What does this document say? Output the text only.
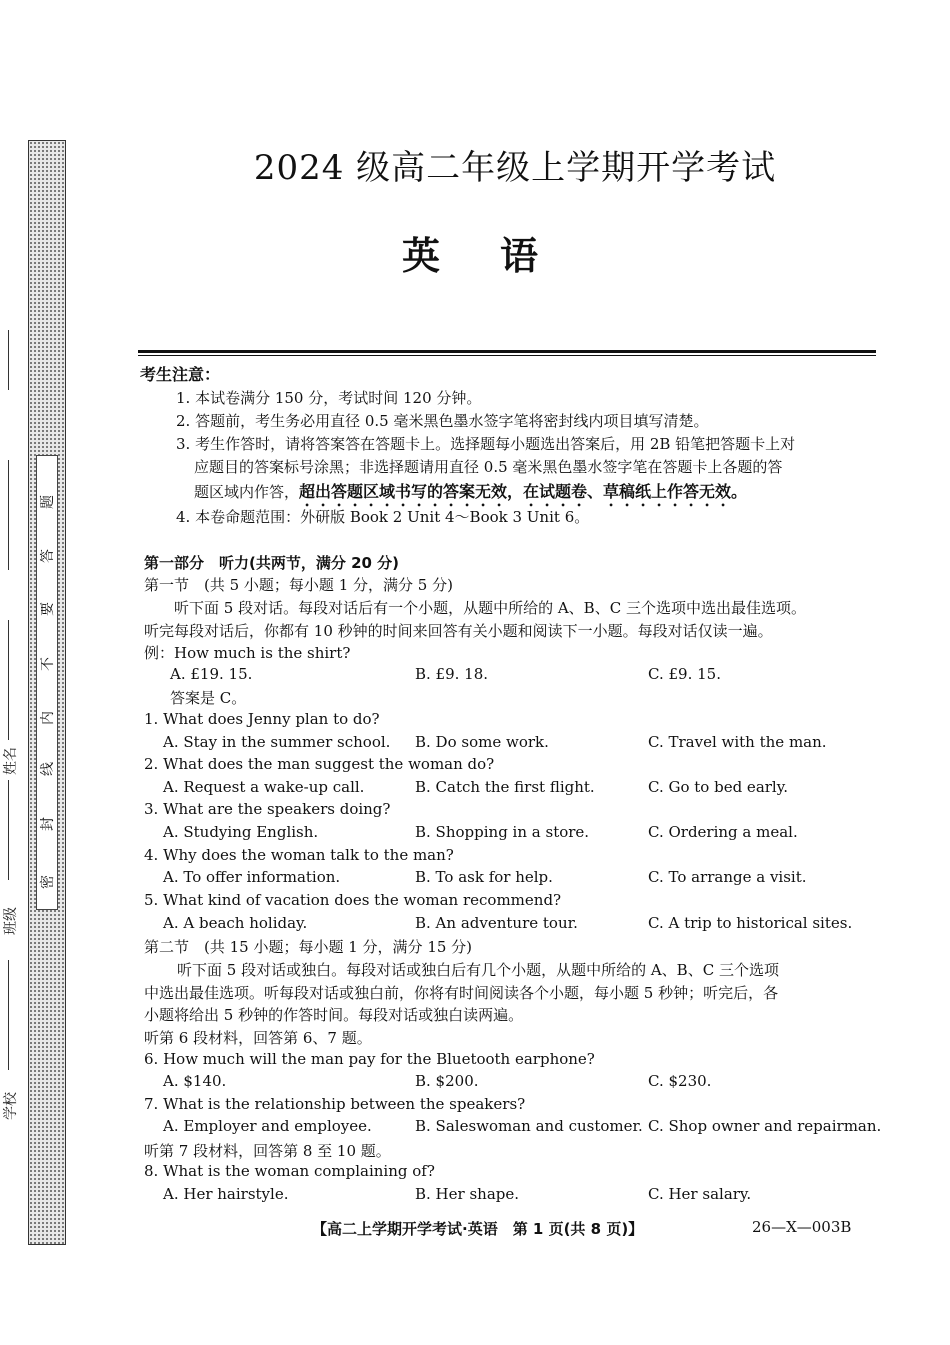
密
封
线
内
不
要
答
题
学校
班级
姓名
2024 级高二年级上学期开学考试
英语
考生注意：
1. 本试卷满分 150 分，考试时间 120 分钟。
2. 答题前，考生务必用直径 0.5 毫米黑色墨水签字笔将密封线内项目填写清楚。
3. 考生作答时，请将答案答在答题卡上。选择题每小题选出答案后，用 2B 铅笔把答题卡上对
应题目的答案标号涂黑；非选择题请用直径 0.5 毫米黑色墨水签字笔在答题卡上各题的答
题区域内作答，超出答题区域书写的答案无效，在试题卷、草稿纸上作答无效。
4. 本卷命题范围：外研版 Book 2 Unit 4～Book 3 Unit 6。
第一部分　听力(共两节，满分 20 分)
第一节　(共 5 小题；每小题 1 分，满分 5 分)
听下面 5 段对话。每段对话后有一个小题，从题中所给的 A、B、C 三个选项中选出最佳选项。
听完每段对话后，你都有 10 秒钟的时间来回答有关小题和阅读下一小题。每段对话仅读一遍。
例：How much is the shirt?
A. £19. 15.	B. £9. 18.	C. £9. 15.
答案是 C。
1. What does Jenny plan to do?
A. Stay in the summer school. B. Do some work.	C. Travel with the man.
2. What does the man suggest the woman do?
A. Request a wake-up call.	B. Catch the first flight.	C. Go to bed early.
3. What are the speakers doing?
A. Studying English.	B. Shopping in a store.	C. Ordering a meal.
4. Why does the woman talk to the man?
A. To offer information.	B. To ask for help.	C. To arrange a visit.
5. What kind of vacation does the woman recommend?
A. A beach holiday.	B. An adventure tour.	C. A trip to historical sites.
第二节　(共 15 小题；每小题 1 分，满分 15 分)
听下面 5 段对话或独白。每段对话或独白后有几个小题，从题中所给的 A、B、C 三个选项
中选出最佳选项。听每段对话或独白前，你将有时间阅读各个小题，每小题 5 秒钟；听完后，各
小题将给出 5 秒钟的作答时间。每段对话或独白读两遍。
听第 6 段材料，回答第 6、7 题。
6. How much will the man pay for the Bluetooth earphone?
A. $140.	B. $200.	C. $230.
7. What is the relationship between the speakers?
A. Employer and employee.	B. Saleswoman and customer. C. Shop owner and repairman.
听第 7 段材料，回答第 8 至 10 题。
8. What is the woman complaining of?
A. Her hairstyle.	B. Her shape.	C. Her salary.
【高二上学期开学考试·英语　第 1 页(共 8 页)】	26—X—003B
